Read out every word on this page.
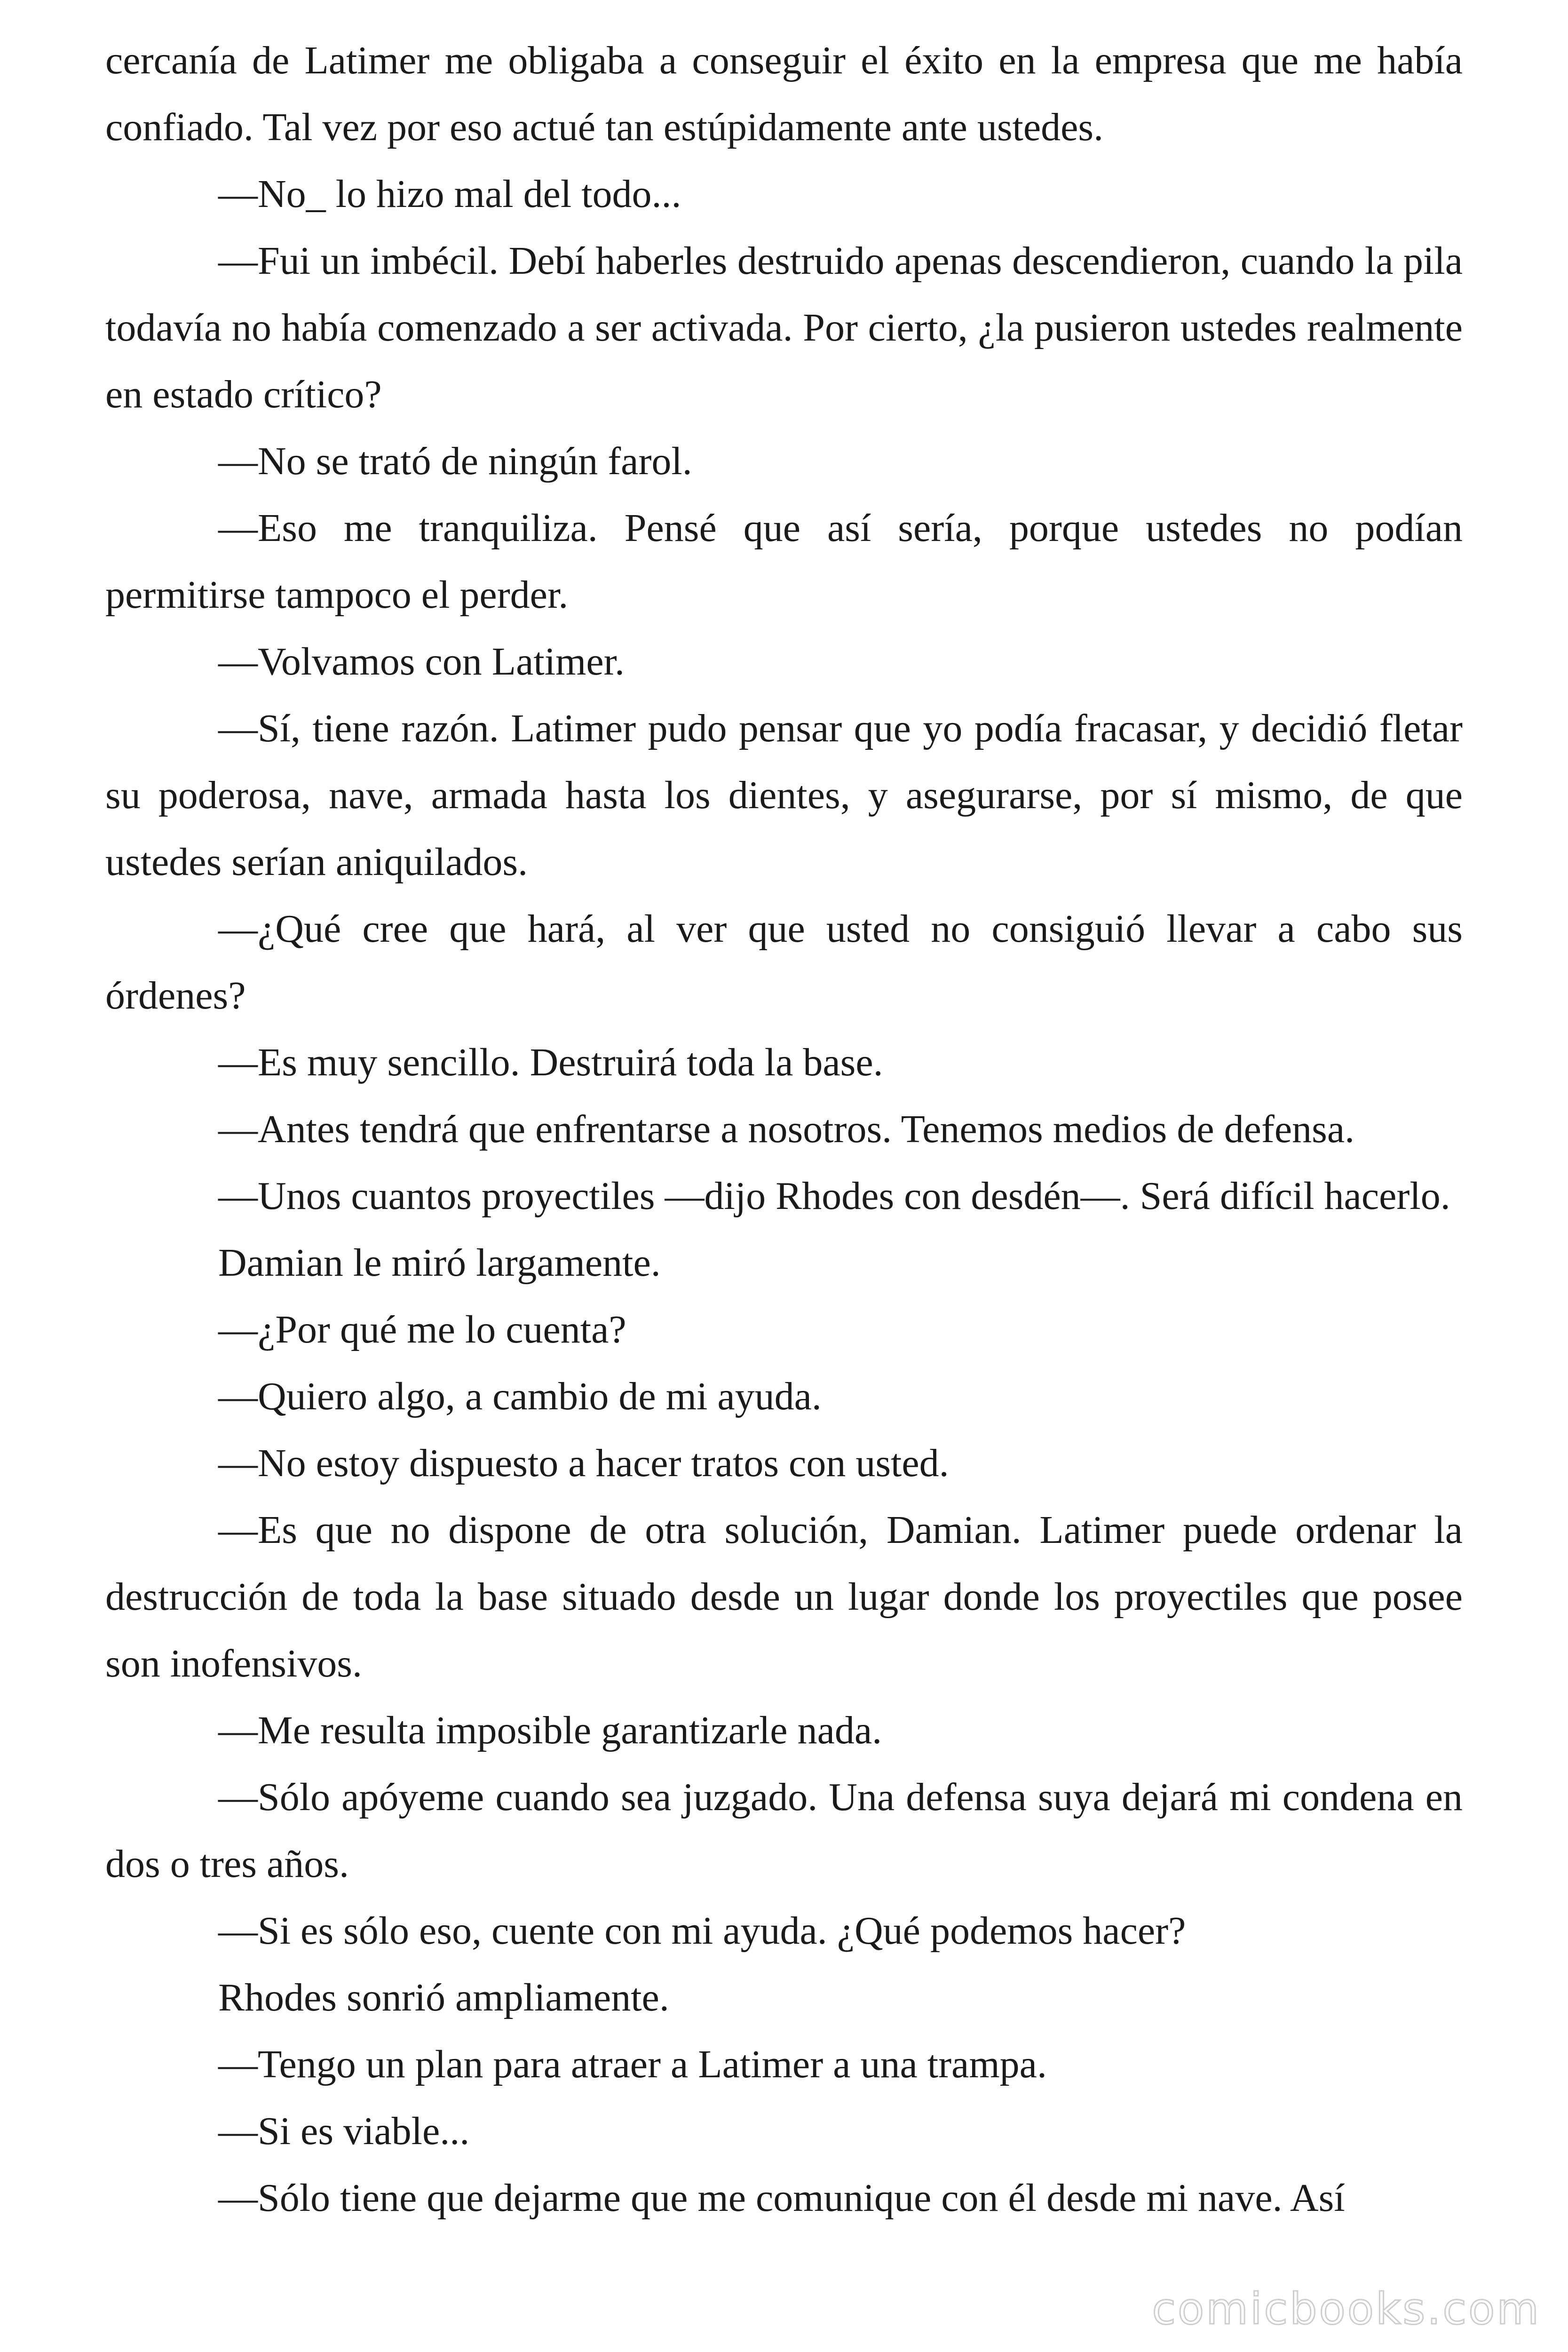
cercanía de Latimer me obligaba a conseguir el éxito en la empresa que me había confiado. Tal vez por eso actué tan estúpidamente ante ustedes.

—No_ lo hizo mal del todo...

—Fui un imbécil. Debí haberles destruido apenas descendieron, cuando la pila todavía no había comenzado a ser activada. Por cierto, ¿la pusieron ustedes realmente en estado crítico?

—No se trató de ningún farol.

—Eso me tranquiliza. Pensé que así sería, porque ustedes no podían permitirse tampoco el perder.

—Volvamos con Latimer.

—Sí, tiene razón. Latimer pudo pensar que yo podía fracasar, y decidió fletar su poderosa, nave, armada hasta los dientes, y asegurarse, por sí mismo, de que ustedes serían aniquilados.

—¿Qué cree que hará, al ver que usted no consiguió llevar a cabo sus órdenes?

—Es muy sencillo. Destruirá toda la base.

—Antes tendrá que enfrentarse a nosotros. Tenemos medios de defensa.

—Unos cuantos proyectiles —dijo Rhodes con desdén—. Será difícil hacerlo.

Damian le miró largamente.

—¿Por qué me lo cuenta?

—Quiero algo, a cambio de mi ayuda.

—No estoy dispuesto a hacer tratos con usted.

—Es que no dispone de otra solución, Damian. Latimer puede ordenar la destrucción de toda la base situado desde un lugar donde los proyectiles que posee son inofensivos.

—Me resulta imposible garantizarle nada.

—Sólo apóyeme cuando sea juzgado. Una defensa suya dejará mi condena en dos o tres años.

—Si es sólo eso, cuente con mi ayuda. ¿Qué podemos hacer?

Rhodes sonrió ampliamente.

—Tengo un plan para atraer a Latimer a una trampa.

—Si es viable...

—Sólo tiene que dejarme que me comunique con él desde mi nave. Así

comicbooks.com
